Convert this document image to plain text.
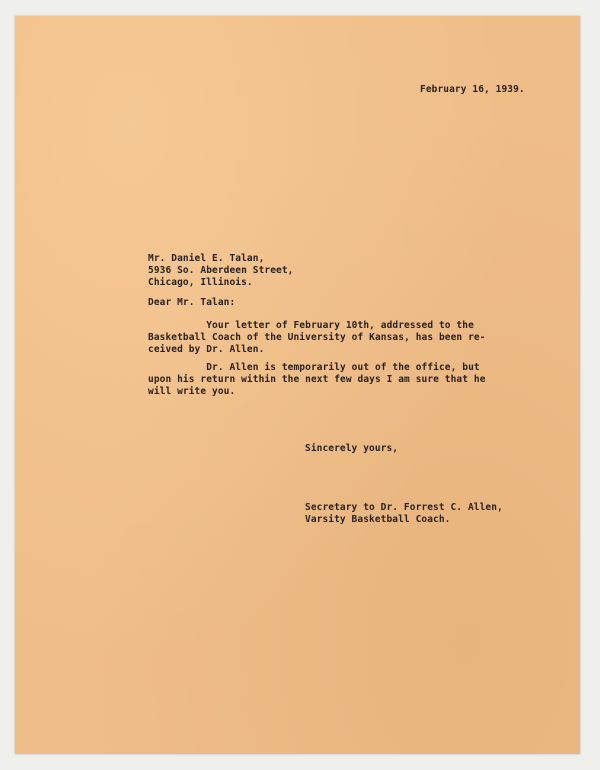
February 16, 1939.
Mr. Daniel E. Talan,
5936 So. Aberdeen Street,
Chicago, Illinois.
Dear Mr. Talan:
Your letter of February 10th, addressed to the
Basketball Coach of the University of Kansas, has been re-
ceived by Dr. Allen.
Dr. Allen is temporarily out of the office, but
upon his return within the next few days I am sure that he
will write you.
Sincerely yours,
Secretary to Dr. Forrest C. Allen,
Varsity Basketball Coach.
